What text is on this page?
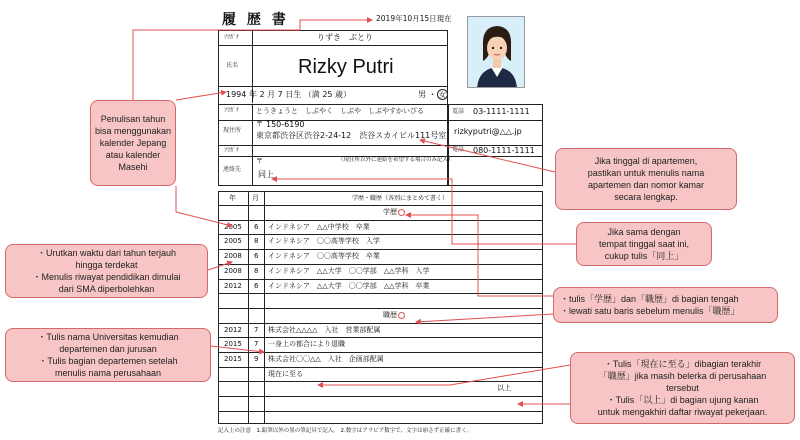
履 歴 書	2019年10月15日現在
ﾌﾘｶﾞﾅ	りずき　ぷとり
氏名	Rizky Putri
1994 年 2 月 7 日生 （満 25 歳）	男 ・ 女
ﾌﾘｶﾞﾅ とうきょうと　しぶやく　しぶや　しぶやすかいびる
現住所
〒 150-6190
東京都渋谷区渋谷2-24-12　渋谷スカイビル111号室
電話 03-1111-1111
rizkyputri@△△.jp
ﾌﾘｶﾞﾅ	電話 080-1111-1111
連絡先
〒	（現住所以外に連絡を希望する場合のみ記入）
同上
年 月	学歴・職歴（各別にまとめて書く）
学歴
2005 6 インドネシア　△△中学校　卒業
2005 8 インドネシア　〇〇高等学校　入学
2008 6 インドネシア　〇〇高等学校　卒業
2008 8 インドネシア　△△大学　〇〇学部　△△学科　入学
2012 6 インドネシア　△△大学　〇〇学部　△△学科　卒業
職歴
2012 7 株式会社△△△△　入社　営業部配属
2015 7 一身上の都合により退職
2015 9 株式会社〇〇△△　入社　企画部配属
現在に至る
以上
記入上の注意　1.鉛筆以外の黒の筆記具で記入。 2.数字はアラビア数字で、文字は崩さず正確に書く。
Penulisan tahun
bisa menggunakan
kalender Jepang
atau kalender
Masehi
Jika tinggal di apartemen,
pastikan untuk menulis nama
apartemen dan nomor kamar
secara lengkap.
Jika sama dengan
tempat tinggal saat ini,
cukup tulis「同上」
・Urutkan waktu dari tahun terjauh
hingga terdekat
・Menulis riwayat pendidikan dimulai
dari SMA diperbolehkan
・tulis「学歴」dan「職歴」di bagian tengah
・lewati satu baris sebelum menulis「職歴」
・Tulis nama Universitas kemudian
departemen dan jurusan
・Tulis bagian departemen setelah
menulis nama perusahaan
・Tulis「現在に至る」dibagian terakhir
「職歴」jika masih belerka di perusahaan
tersebut
・Tulis「以上」di bagian ujung kanan
untuk mengakhiri daftar riwayat pekerjaan.
